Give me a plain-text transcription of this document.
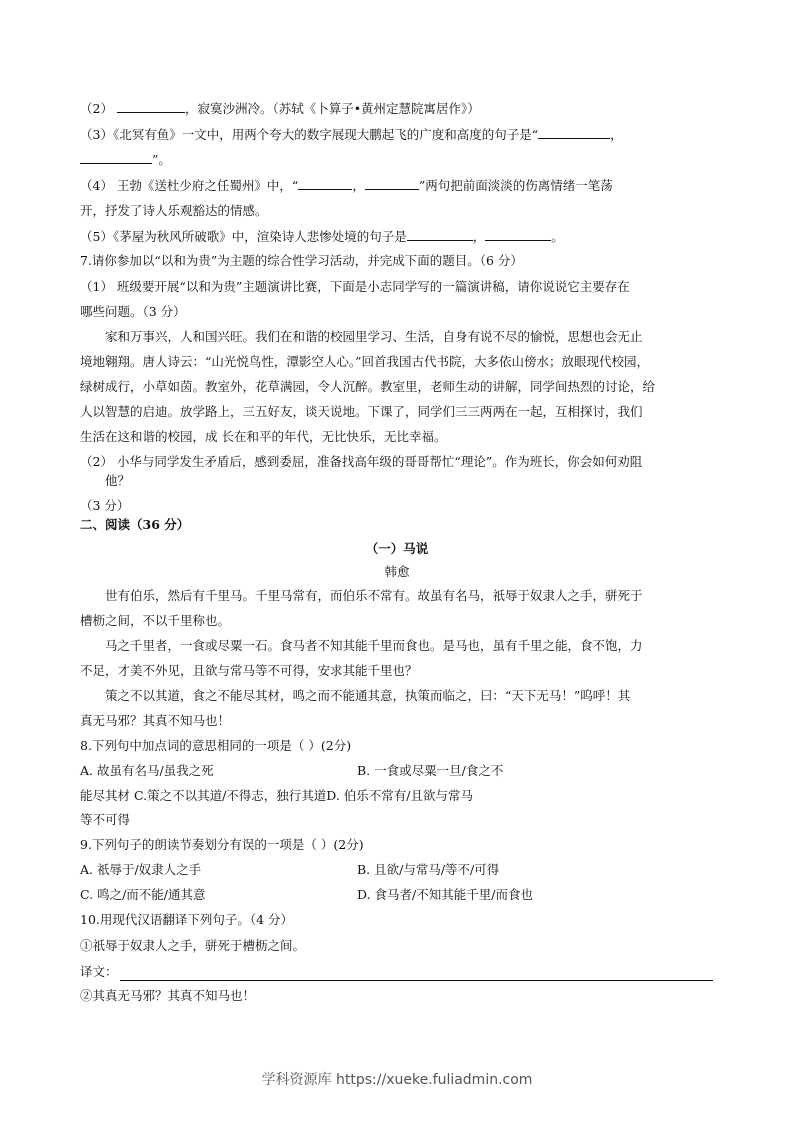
（2）	，寂寞沙洲冷。（苏轼《卜算子•黄州定慧院寓居作》）
（3）《北冥有鱼》一文中，用两个夸大的数字展现大鹏起飞的广度和高度的句子是“	，
”。
（4） 王勃《送杜少府之任蜀州》中，“	，	”两句把前面淡淡的伤离情绪一笔荡
开，抒发了诗人乐观豁达的情感。
（5）《茅屋为秋风所破歌》中，渲染诗人悲惨处境的句子是	，	。
7.请你参加以“以和为贵”为主题的综合性学习活动，并完成下面的题目。（6 分）
（1） 班级要开展“以和为贵”主题演讲比赛，下面是小志同学写的一篇演讲稿，请你说说它主要存在
哪些问题。（3 分）
家和万事兴，人和国兴旺。我们在和谐的校园里学习、生活，自身有说不尽的愉悦，思想也会无止
境地翱翔。唐人诗云：“山光悦鸟性，潭影空人心。”回首我国古代书院，大多依山傍水；放眼现代校园，
绿树成行，小草如茵。教室外，花草满园，令人沉醉。教室里，老师生动的讲解，同学间热烈的讨论，给
人以智慧的启迪。放学路上，三五好友，谈天说地。下课了，同学们三三两两在一起，互相探讨，我们
生活在这和谐的校园，成 长在和平的年代，无比快乐，无比幸福。
（2） 小华与同学发生矛盾后，感到委屈，准备找高年级的哥哥帮忙“理论”。作为班长，你会如何劝阻
他？
（3 分）
二、阅读（36 分）
（一）马说
韩愈
世有伯乐，然后有千里马。千里马常有，而伯乐不常有。故虽有名马，祇辱于奴隶人之手，骈死于
槽枥之间，不以千里称也。
马之千里者，一食或尽粟一石。食马者不知其能千里而食也。是马也，虽有千里之能，食不饱，力
不足，才美不外见，且欲与常马等不可得，安求其能千里也？
策之不以其道，食之不能尽其材，鸣之而不能通其意，执策而临之，曰：“天下无马！”呜呼！其
真无马邪？其真不知马也！
8.下列句中加点词的意思相同的一项是（ ）(2分)
A. 故虽有名马/虽我之死	B. 一食或尽粟一旦/食之不
能尽其材 C.策之不以其道/不得志，独行其道D. 伯乐不常有/且欲与常马
等不可得
9.下列句子的朗读节奏划分有误的一项是（ ）(2分)
A. 祇辱于/奴隶人之手	B. 且欲/与常马/等不/可得
C. 鸣之/而不能/通其意	D. 食马者/不知其能千里/而食也
10.用现代汉语翻译下列句子。（4 分）
①祇辱于奴隶人之手，骈死于槽枥之间。
译文：
②其真无马邪？其真不知马也！
学科资源库 https://xueke.fuliadmin.com
